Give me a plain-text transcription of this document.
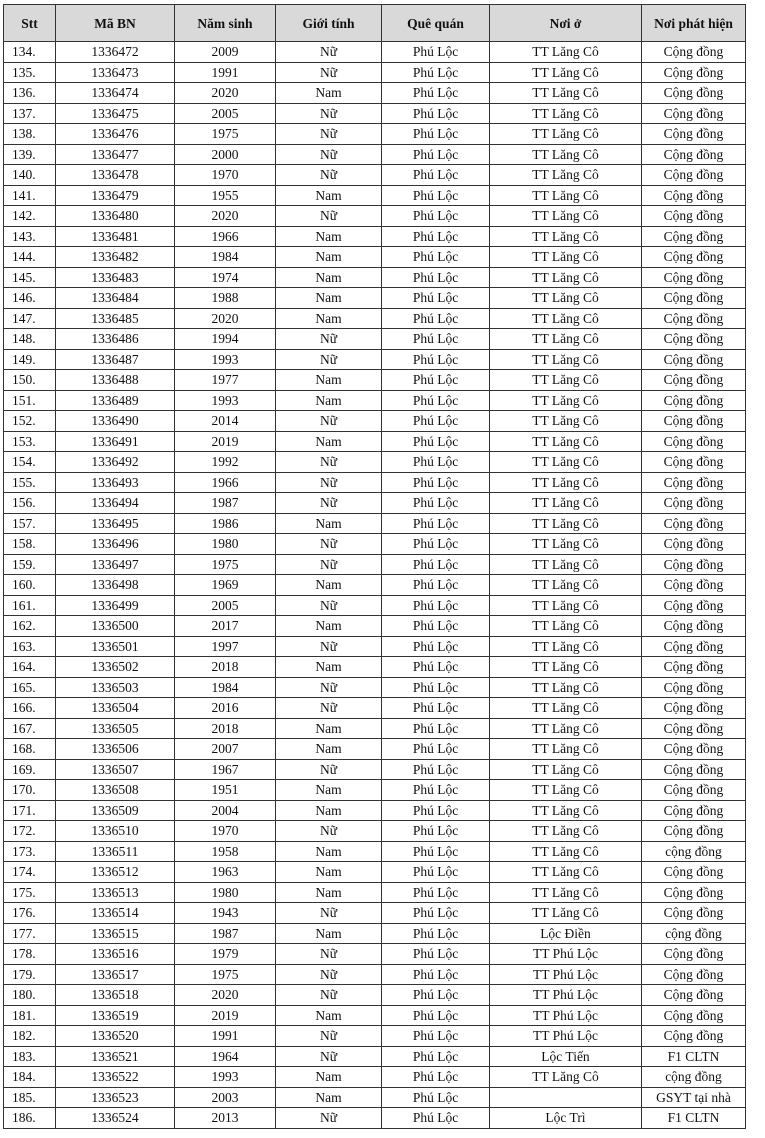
Stt	Mã BN	Năm sinh	Giới tính	Quê quán	Nơi ở	Nơi phát hiện
134.	1336472	2009	Nữ	Phú Lộc	TT Lăng Cô	Cộng đồng
135.	1336473	1991	Nữ	Phú Lộc	TT Lăng Cô	Cộng đồng
136.	1336474	2020	Nam	Phú Lộc	TT Lăng Cô	Cộng đồng
137.	1336475	2005	Nữ	Phú Lộc	TT Lăng Cô	Cộng đồng
138.	1336476	1975	Nữ	Phú Lộc	TT Lăng Cô	Cộng đồng
139.	1336477	2000	Nữ	Phú Lộc	TT Lăng Cô	Cộng đồng
140.	1336478	1970	Nữ	Phú Lộc	TT Lăng Cô	Cộng đồng
141.	1336479	1955	Nam	Phú Lộc	TT Lăng Cô	Cộng đồng
142.	1336480	2020	Nữ	Phú Lộc	TT Lăng Cô	Cộng đồng
143.	1336481	1966	Nam	Phú Lộc	TT Lăng Cô	Cộng đồng
144.	1336482	1984	Nam	Phú Lộc	TT Lăng Cô	Cộng đồng
145.	1336483	1974	Nam	Phú Lộc	TT Lăng Cô	Cộng đồng
146.	1336484	1988	Nam	Phú Lộc	TT Lăng Cô	Cộng đồng
147.	1336485	2020	Nam	Phú Lộc	TT Lăng Cô	Cộng đồng
148.	1336486	1994	Nữ	Phú Lộc	TT Lăng Cô	Cộng đồng
149.	1336487	1993	Nữ	Phú Lộc	TT Lăng Cô	Cộng đồng
150.	1336488	1977	Nam	Phú Lộc	TT Lăng Cô	Cộng đồng
151.	1336489	1993	Nam	Phú Lộc	TT Lăng Cô	Cộng đồng
152.	1336490	2014	Nữ	Phú Lộc	TT Lăng Cô	Cộng đồng
153.	1336491	2019	Nam	Phú Lộc	TT Lăng Cô	Cộng đồng
154.	1336492	1992	Nữ	Phú Lộc	TT Lăng Cô	Cộng đồng
155.	1336493	1966	Nữ	Phú Lộc	TT Lăng Cô	Cộng đồng
156.	1336494	1987	Nữ	Phú Lộc	TT Lăng Cô	Cộng đồng
157.	1336495	1986	Nam	Phú Lộc	TT Lăng Cô	Cộng đồng
158.	1336496	1980	Nữ	Phú Lộc	TT Lăng Cô	Cộng đồng
159.	1336497	1975	Nữ	Phú Lộc	TT Lăng Cô	Cộng đồng
160.	1336498	1969	Nam	Phú Lộc	TT Lăng Cô	Cộng đồng
161.	1336499	2005	Nữ	Phú Lộc	TT Lăng Cô	Cộng đồng
162.	1336500	2017	Nam	Phú Lộc	TT Lăng Cô	Cộng đồng
163.	1336501	1997	Nữ	Phú Lộc	TT Lăng Cô	Cộng đồng
164.	1336502	2018	Nam	Phú Lộc	TT Lăng Cô	Cộng đồng
165.	1336503	1984	Nữ	Phú Lộc	TT Lăng Cô	Cộng đồng
166.	1336504	2016	Nữ	Phú Lộc	TT Lăng Cô	Cộng đồng
167.	1336505	2018	Nam	Phú Lộc	TT Lăng Cô	Cộng đồng
168.	1336506	2007	Nam	Phú Lộc	TT Lăng Cô	Cộng đồng
169.	1336507	1967	Nữ	Phú Lộc	TT Lăng Cô	Cộng đồng
170.	1336508	1951	Nam	Phú Lộc	TT Lăng Cô	Cộng đồng
171.	1336509	2004	Nam	Phú Lộc	TT Lăng Cô	Cộng đồng
172.	1336510	1970	Nữ	Phú Lộc	TT Lăng Cô	Cộng đồng
173.	1336511	1958	Nam	Phú Lộc	TT Lăng Cô	cộng đồng
174.	1336512	1963	Nam	Phú Lộc	TT Lăng Cô	Cộng đồng
175.	1336513	1980	Nam	Phú Lộc	TT Lăng Cô	Cộng đồng
176.	1336514	1943	Nữ	Phú Lộc	TT Lăng Cô	Cộng đồng
177.	1336515	1987	Nam	Phú Lộc	Lộc Điền	cộng đồng
178.	1336516	1979	Nữ	Phú Lộc	TT Phú Lộc	Cộng đồng
179.	1336517	1975	Nữ	Phú Lộc	TT Phú Lộc	Cộng đồng
180.	1336518	2020	Nữ	Phú Lộc	TT Phú Lộc	Cộng đồng
181.	1336519	2019	Nam	Phú Lộc	TT Phú Lộc	Cộng đồng
182.	1336520	1991	Nữ	Phú Lộc	TT Phú Lộc	Cộng đồng
183.	1336521	1964	Nữ	Phú Lộc	Lộc Tiến	F1 CLTN
184.	1336522	1993	Nam	Phú Lộc	TT Lăng Cô	cộng đồng
185.	1336523	2003	Nam	Phú Lộc		GSYT tại nhà
186.	1336524	2013	Nữ	Phú Lộc	Lộc Trì	F1 CLTN
